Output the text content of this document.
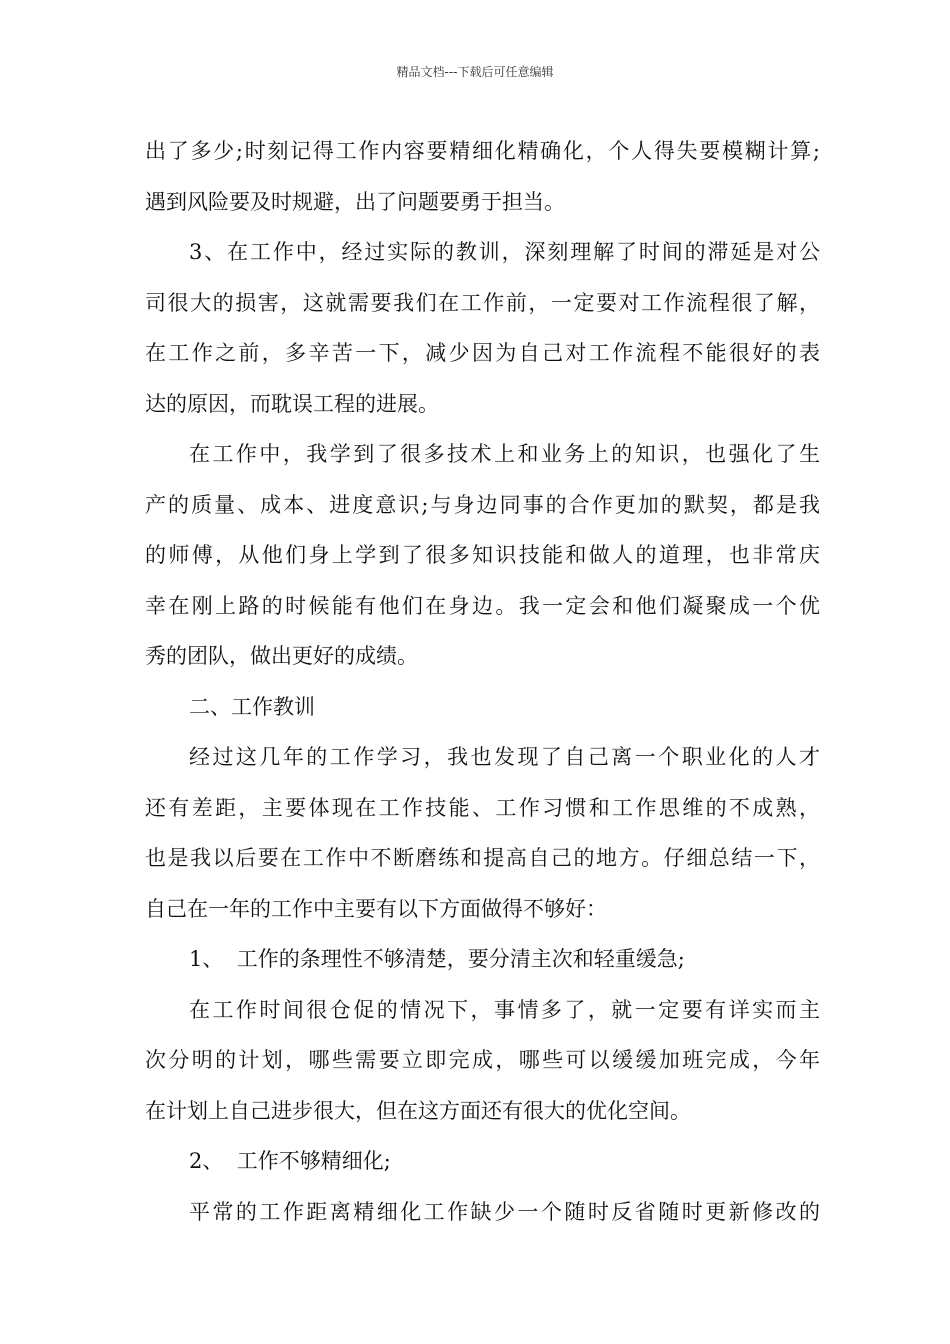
精品文档---下载后可任意编辑
出了多少;时刻记得工作内容要精细化精确化，个人得失要模糊计算;
遇到风险要及时规避，出了问题要勇于担当。
3、在工作中，经过实际的教训，深刻理解了时间的滞延是对公
司很大的损害，这就需要我们在工作前，一定要对工作流程很了解，
在工作之前，多辛苦一下，减少因为自己对工作流程不能很好的表
达的原因，而耽误工程的进展。
在工作中，我学到了很多技术上和业务上的知识，也强化了生
产的质量、成本、进度意识;与身边同事的合作更加的默契，都是我
的师傅，从他们身上学到了很多知识技能和做人的道理，也非常庆
幸在刚上路的时候能有他们在身边。我一定会和他们凝聚成一个优
秀的团队，做出更好的成绩。
二、工作教训
经过这几年的工作学习，我也发现了自己离一个职业化的人才
还有差距，主要体现在工作技能、工作习惯和工作思维的不成熟，
也是我以后要在工作中不断磨练和提高自己的地方。仔细总结一下，
自己在一年的工作中主要有以下方面做得不够好：
1、  工作的条理性不够清楚，要分清主次和轻重缓急;
在工作时间很仓促的情况下，事情多了，就一定要有详实而主
次分明的计划，哪些需要立即完成，哪些可以缓缓加班完成，今年
在计划上自己进步很大，但在这方面还有很大的优化空间。
2、  工作不够精细化;
平常的工作距离精细化工作缺少一个随时反省随时更新修改的
